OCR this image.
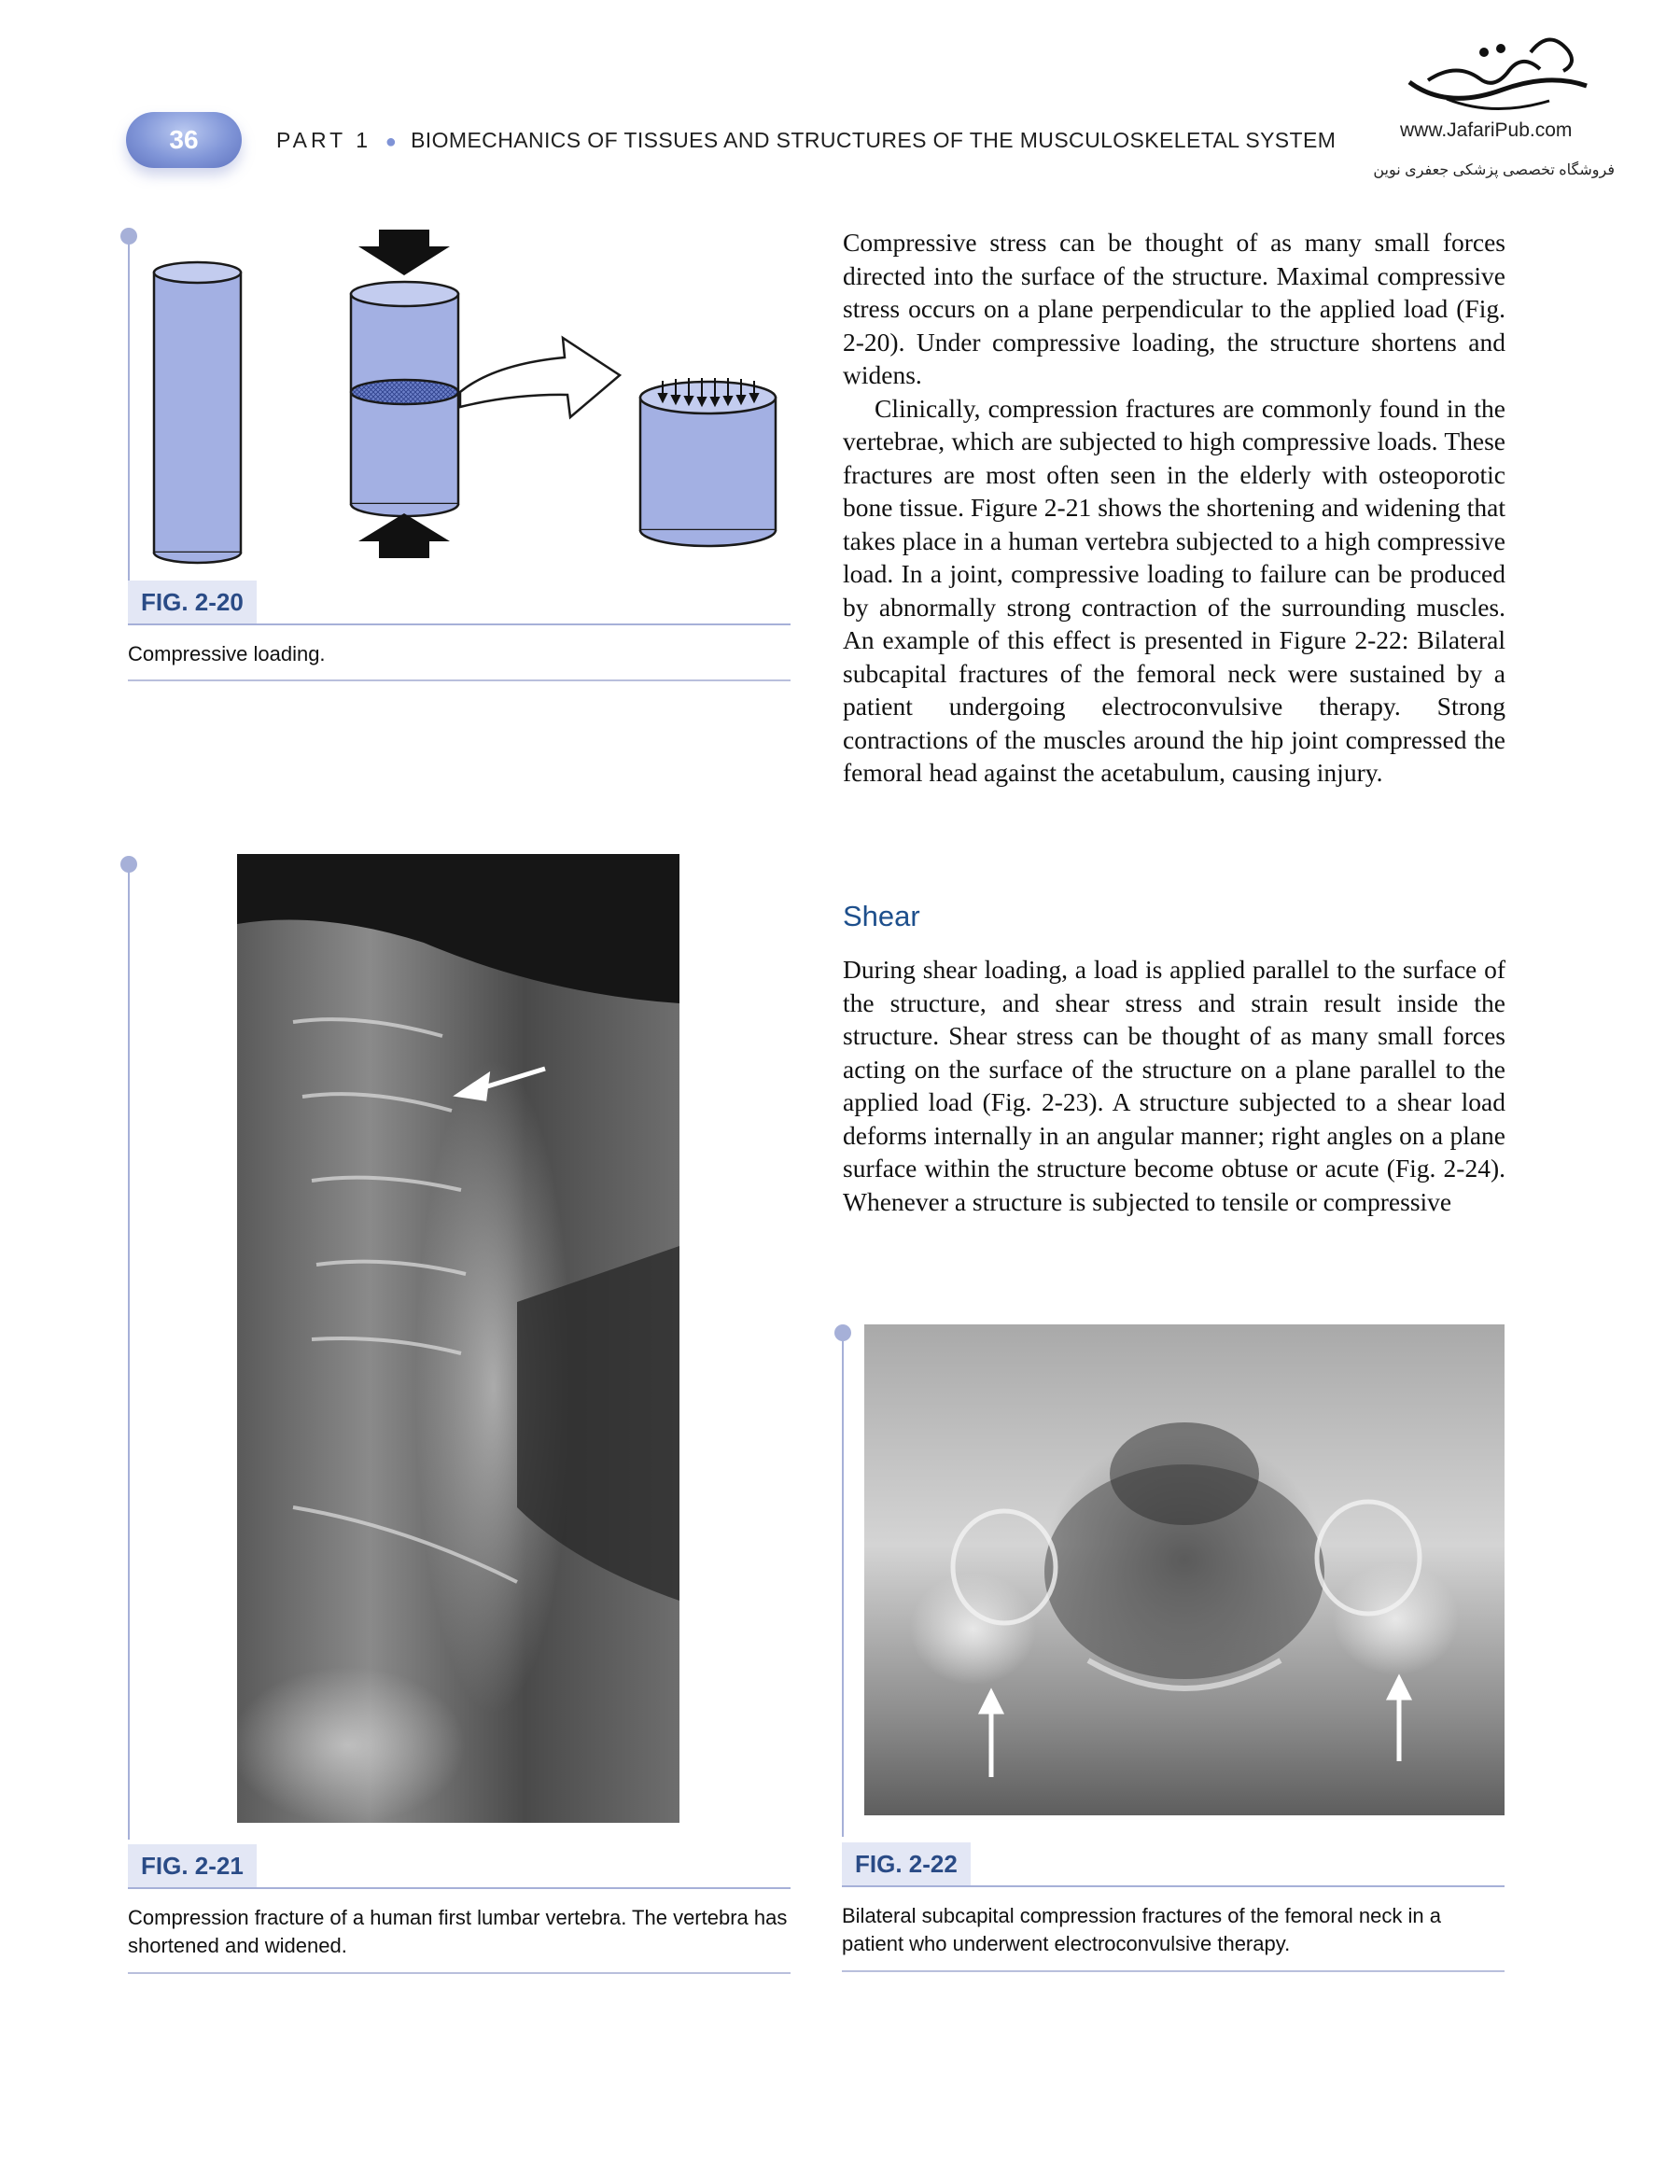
36	PART 1 ● BIOMECHANICS OF TISSUES AND STRUCTURES OF THE MUSCULOSKELETAL SYSTEM	www.JafariPub.com
فروشگاه تخصصی پزشکی جعفری نوین
FIG. 2-20
Compressive loading.

Compressive stress can be thought of as many small forces directed into the surface of the structure. Maximal compressive stress occurs on a plane perpendicular to the applied load (Fig. 2-20). Under compressive loading, the structure shortens and widens.

Clinically, compression fractures are commonly found in the vertebrae, which are subjected to high compressive loads. These fractures are most often seen in the elderly with osteoporotic bone tissue. Figure 2-21 shows the shortening and widening that takes place in a human vertebra subjected to a high compressive load. In a joint, compressive loading to failure can be produced by abnormally strong contraction of the surrounding muscles. An example of this effect is presented in Figure 2-22: Bilateral subcapital fractures of the femoral neck were sustained by a patient undergoing electroconvulsive therapy. Strong contractions of the muscles around the hip joint compressed the femoral head against the acetabulum, causing injury.

Shear

During shear loading, a load is applied parallel to the surface of the structure, and shear stress and strain result inside the structure. Shear stress can be thought of as many small forces acting on the surface of the structure on a plane parallel to the applied load (Fig. 2-23). A structure subjected to a shear load deforms internally in an angular manner; right angles on a plane surface within the structure become obtuse or acute (Fig. 2-24). Whenever a structure is subjected to tensile or compressive

FIG. 2-21
Compression fracture of a human first lumbar vertebra. The vertebra has shortened and widened.
FIG. 2-22
Bilateral subcapital compression fractures of the femoral neck in a patient who underwent electroconvulsive therapy.
